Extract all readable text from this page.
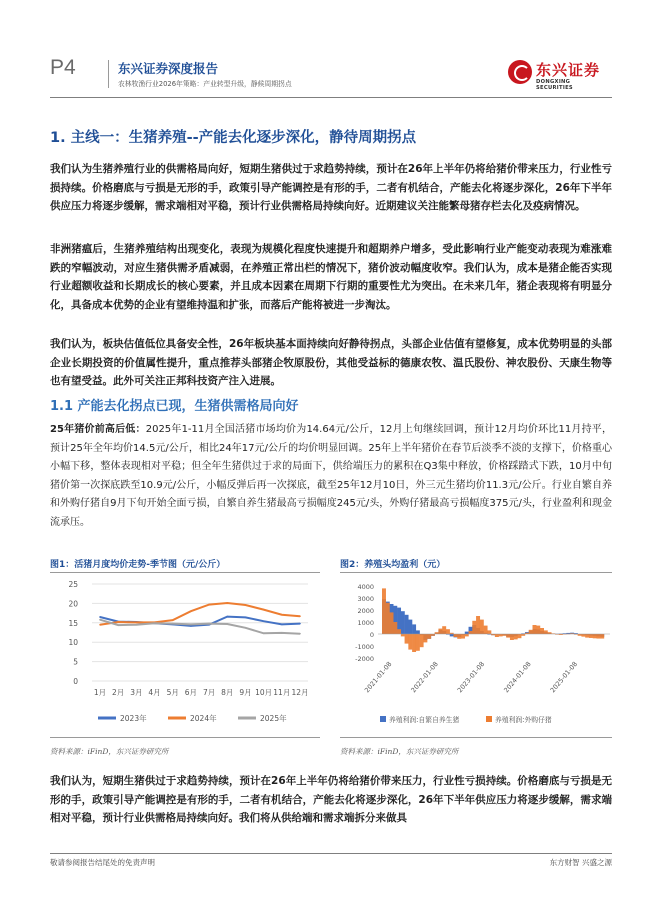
P4	东兴证券深度报告
农林牧渔行业2026年策略：产业转型升级，静候周期拐点
东兴证券
DONGXING SECURITIES
1. 主线一：生猪养殖--产能去化逐步深化，静待周期拐点
我们认为生猪养殖行业的供需格局向好，短期生猪供过于求趋势持续，预计在26年上半年仍将给猪价带来压力，行业性亏损持续。价格磨底与亏损是无形的手，政策引导产能调控是有形的手，二者有机结合，产能去化将逐步深化，26年下半年供应压力将逐步缓解，需求端相对平稳，预计行业供需格局持续向好。近期建议关注能繁母猪存栏去化及疫病情况。
非洲猪瘟后，生猪养殖结构出现变化，表现为规模化程度快速提升和超期养户增多，受此影响行业产能变动表现为难涨难跌的窄幅波动，对应生猪供需矛盾减弱，在养殖正常出栏的情况下，猪价波动幅度收窄。我们认为，成本是猪企能否实现行业超额收益和长期成长的核心要素，并且成本因素在周期下行期的重要性尤为突出。在未来几年，猪企表现将有明显分化，具备成本优势的企业有望维持温和扩张，而落后产能将被进一步淘汰。
我们认为，板块估值低位具备安全性，26年板块基本面持续向好静待拐点，头部企业估值有望修复，成本优势明显的头部企业长期投资的价值属性提升，重点推荐头部猪企牧原股份，其他受益标的德康农牧、温氏股份、神农股份、天康生物等也有望受益。此外可关注正邦科技资产注入进展。
1.1 产能去化拐点已现，生猪供需格局向好
25年猪价前高后低：2025年1-11月全国活猪市场均价为14.64元/公斤，12月上旬继续回调，预计12月均价环比11月持平，预计25年全年均价14.5元/公斤，相比24年17元/公斤的均价明显回调。25年上半年猪价在春节后淡季不淡的支撑下，价格重心小幅下移，整体表现相对平稳；但全年生猪供过于求的局面下，供给端压力的累积在Q3集中释放，价格踩踏式下跌，10月中旬猪价第一次探底跌至10.9元/公斤，小幅反弹后再一次探底，截至25年12月10日，外三元生猪均价11.3元/公斤。行业自繁自养和外购仔猪自9月下旬开始全面亏损，自繁自养生猪最高亏损幅度245元/头，外购仔猪最高亏损幅度375元/头，行业盈利和现金流承压。
图1：活猪月度均价走势-季节图（元/公斤）	图2：养殖头均盈利（元）
0
5
10
15
20
25
1月 2月 3月 4月 5月 6月 7月 8月 9月 10月 11月 12月
2023年	2024年	2025年
4000
3000
2000
1000
0
-1000
-2000
2021-01-08 2022-01-08 2023-01-08 2024-01-08 2025-01-08
养殖利润:自繁自养生猪	养殖利润:外购仔猪
资料来源：iFinD，东兴证券研究所	资料来源：iFinD，东兴证券研究所
我们认为，短期生猪供过于求趋势持续，预计在26年上半年仍将给猪价带来压力，行业性亏损持续。价格磨底与亏损是无形的手，政策引导产能调控是有形的手，二者有机结合，产能去化将逐步深化，26年下半年供应压力将逐步缓解，需求端相对平稳，预计行业供需格局持续向好。我们将从供给端和需求端拆分来做具
敬请参阅报告结尾处的免责声明	东方财智 兴盛之源
